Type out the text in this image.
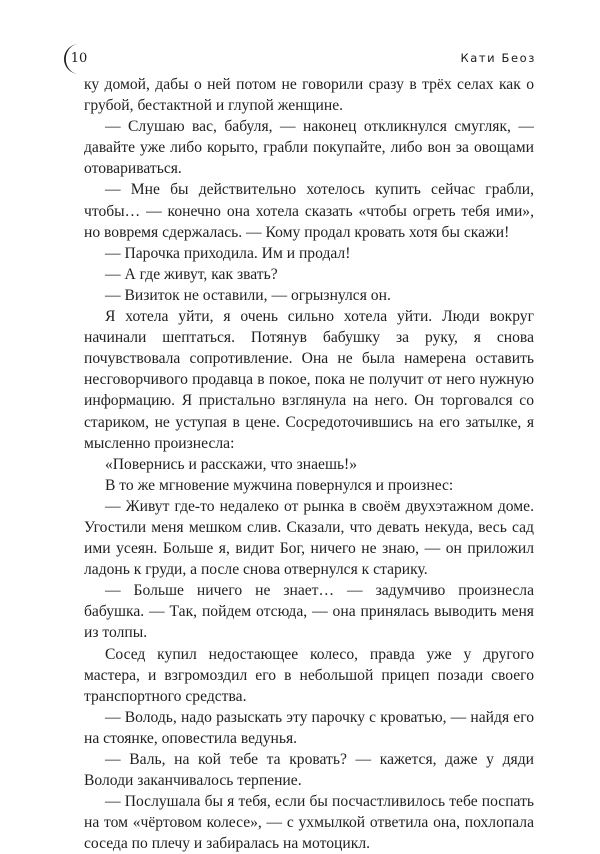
10	Кати Беоз

ку домой, дабы о ней потом не говорили сразу в трёх селах как о грубой, бестактной и глупой женщине.

— Слушаю вас, бабуля, — наконец откликнулся смугляк, — давайте уже либо корыто, грабли покупайте, либо вон за овощами отовариваться.

— Мне бы действительно хотелось купить сейчас грабли, чтобы… — конечно она хотела сказать «чтобы огреть тебя ими», но вовремя сдержалась. — Кому продал кровать хотя бы скажи!

— Парочка приходила. Им и продал!

— А где живут, как звать?

— Визиток не оставили, — огрызнулся он.

Я хотела уйти, я очень сильно хотела уйти. Люди вокруг начинали шептаться. Потянув бабушку за руку, я снова почувствовала сопротивление. Она не была намерена оставить несговорчивого продавца в покое, пока не получит от него нужную информацию. Я пристально взглянула на него. Он торговался со стариком, не уступая в цене. Сосредоточившись на его затылке, я мысленно произнесла:

«Повернись и расскажи, что знаешь!»

В то же мгновение мужчина повернулся и произнес:

— Живут где-то недалеко от рынка в своём двухэтажном доме. Угостили меня мешком слив. Сказали, что девать некуда, весь сад ими усеян. Больше я, видит Бог, ничего не знаю, — он приложил ладонь к груди, а после снова отвернулся к старику.

— Больше ничего не знает… — задумчиво произнесла бабушка. — Так, пойдем отсюда, — она принялась выводить меня из толпы.

Сосед купил недостающее колесо, правда уже у другого мастера, и взгромоздил его в небольшой прицеп позади своего транспортного средства.

— Володь, надо разыскать эту парочку с кроватью, — найдя его на стоянке, оповестила ведунья.

— Валь, на кой тебе та кровать? — кажется, даже у дяди Володи заканчивалось терпение.

— Послушала бы я тебя, если бы посчастливилось тебе поспать на том «чёртовом колесе», — с ухмылкой ответила она, похлопала соседа по плечу и забиралась на мотоцикл.
